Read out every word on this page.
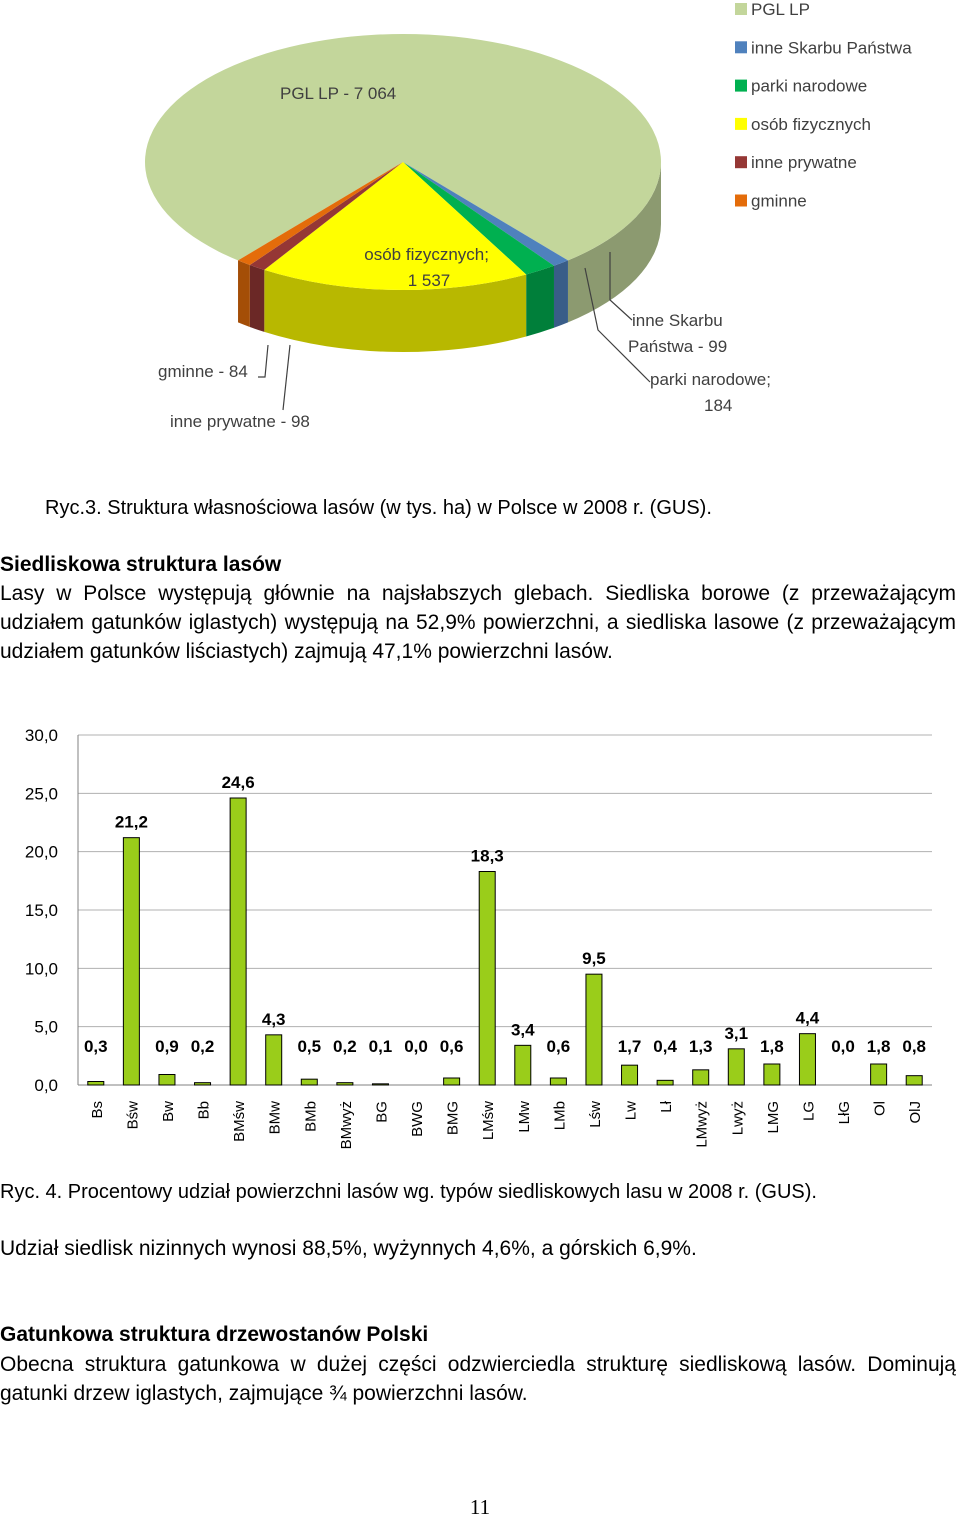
PGL LP - 7 064
osób fizycznych; 1 537
inne Skarbu Państwa - 99
parki narodowe; 184
gminne - 84
inne prywatne - 98
PGL LP
inne Skarbu Państwa
parki narodowe
osób fizycznych
inne prywatne
gminne

Ryc.3. Struktura własnościowa lasów (w tys. ha) w Polsce w 2008 r. (GUS).

Siedliskowa struktura lasów

Lasy w Polsce występują głównie na najsłabszych glebach. Siedliska borowe (z przeważającym udziałem gatunków iglastych) występują na 52,9% powierzchni, a siedliska lasowe (z przeważającym udziałem gatunków liściastych) zajmują 47,1% powierzchni lasów.

0,0
5,0
10,0
15,0
20,0
25,0
30,0
0,3
Bs
21,2
Bśw
0,9
Bw
0,2
Bb
24,6
BMśw
4,3
BMw
0,5
BMb
0,2
BMwyż
0,1
BG
0,0
BWG
0,6
BMG
18,3
LMśw
3,4
LMw
0,6
LMb
9,5
Lśw
1,7
Lw
0,4
Lł
1,3
LMwyż
3,1
Lwyż
1,8
LMG
4,4
LG
0,0
LłG
1,8
Ol
0,8
OlJ

Ryc. 4. Procentowy udział powierzchni lasów wg. typów siedliskowych lasu w 2008 r. (GUS).

Udział siedlisk nizinnych wynosi 88,5%, wyżynnych 4,6%, a górskich 6,9%.

Gatunkowa struktura drzewostanów Polski

Obecna struktura gatunkowa w dużej części odzwierciedla strukturę siedliskową lasów. Dominują gatunki drzew iglastych, zajmujące ¾ powierzchni lasów.

11
